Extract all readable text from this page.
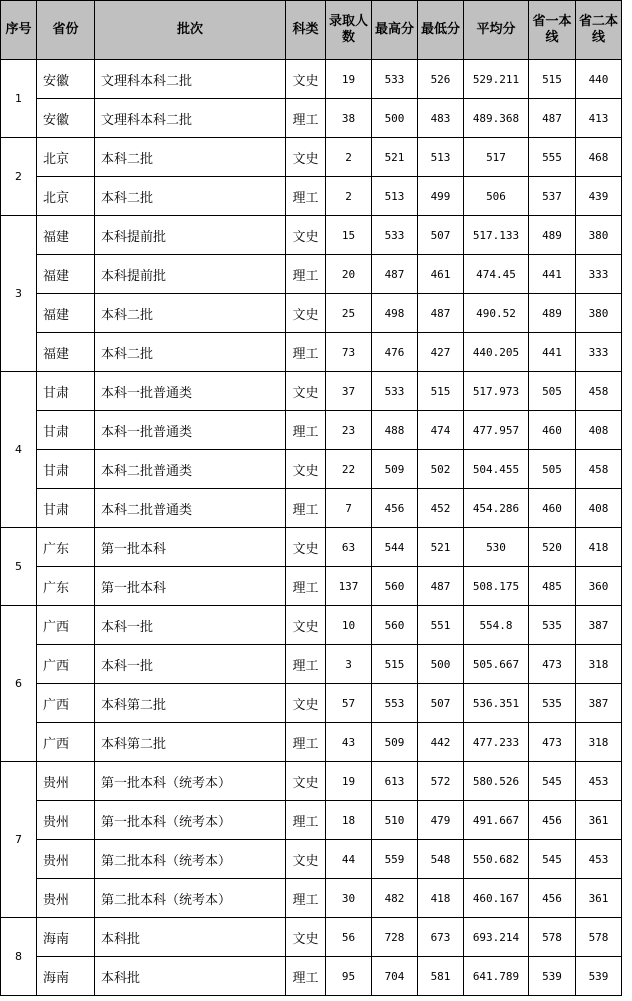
序号	省份	批次	科类	录取人数	最高分	最低分	平均分	省一本线	省二本线
1	安徽	文理科本科二批	文史	19	533	526	529.211	515	440
	安徽	文理科本科二批	理工	38	500	483	489.368	487	413
2	北京	本科二批	文史	2	521	513	517	555	468
	北京	本科二批	理工	2	513	499	506	537	439
3	福建	本科提前批	文史	15	533	507	517.133	489	380
	福建	本科提前批	理工	20	487	461	474.45	441	333
	福建	本科二批	文史	25	498	487	490.52	489	380
	福建	本科二批	理工	73	476	427	440.205	441	333
4	甘肃	本科一批普通类	文史	37	533	515	517.973	505	458
	甘肃	本科一批普通类	理工	23	488	474	477.957	460	408
	甘肃	本科二批普通类	文史	22	509	502	504.455	505	458
	甘肃	本科二批普通类	理工	7	456	452	454.286	460	408
5	广东	第一批本科	文史	63	544	521	530	520	418
	广东	第一批本科	理工	137	560	487	508.175	485	360
6	广西	本科一批	文史	10	560	551	554.8	535	387
	广西	本科一批	理工	3	515	500	505.667	473	318
	广西	本科第二批	文史	57	553	507	536.351	535	387
	广西	本科第二批	理工	43	509	442	477.233	473	318
7	贵州	第一批本科（统考本）	文史	19	613	572	580.526	545	453
	贵州	第一批本科（统考本）	理工	18	510	479	491.667	456	361
	贵州	第二批本科（统考本）	文史	44	559	548	550.682	545	453
	贵州	第二批本科（统考本）	理工	30	482	418	460.167	456	361
8	海南	本科批	文史	56	728	673	693.214	578	578
	海南	本科批	理工	95	704	581	641.789	539	539
